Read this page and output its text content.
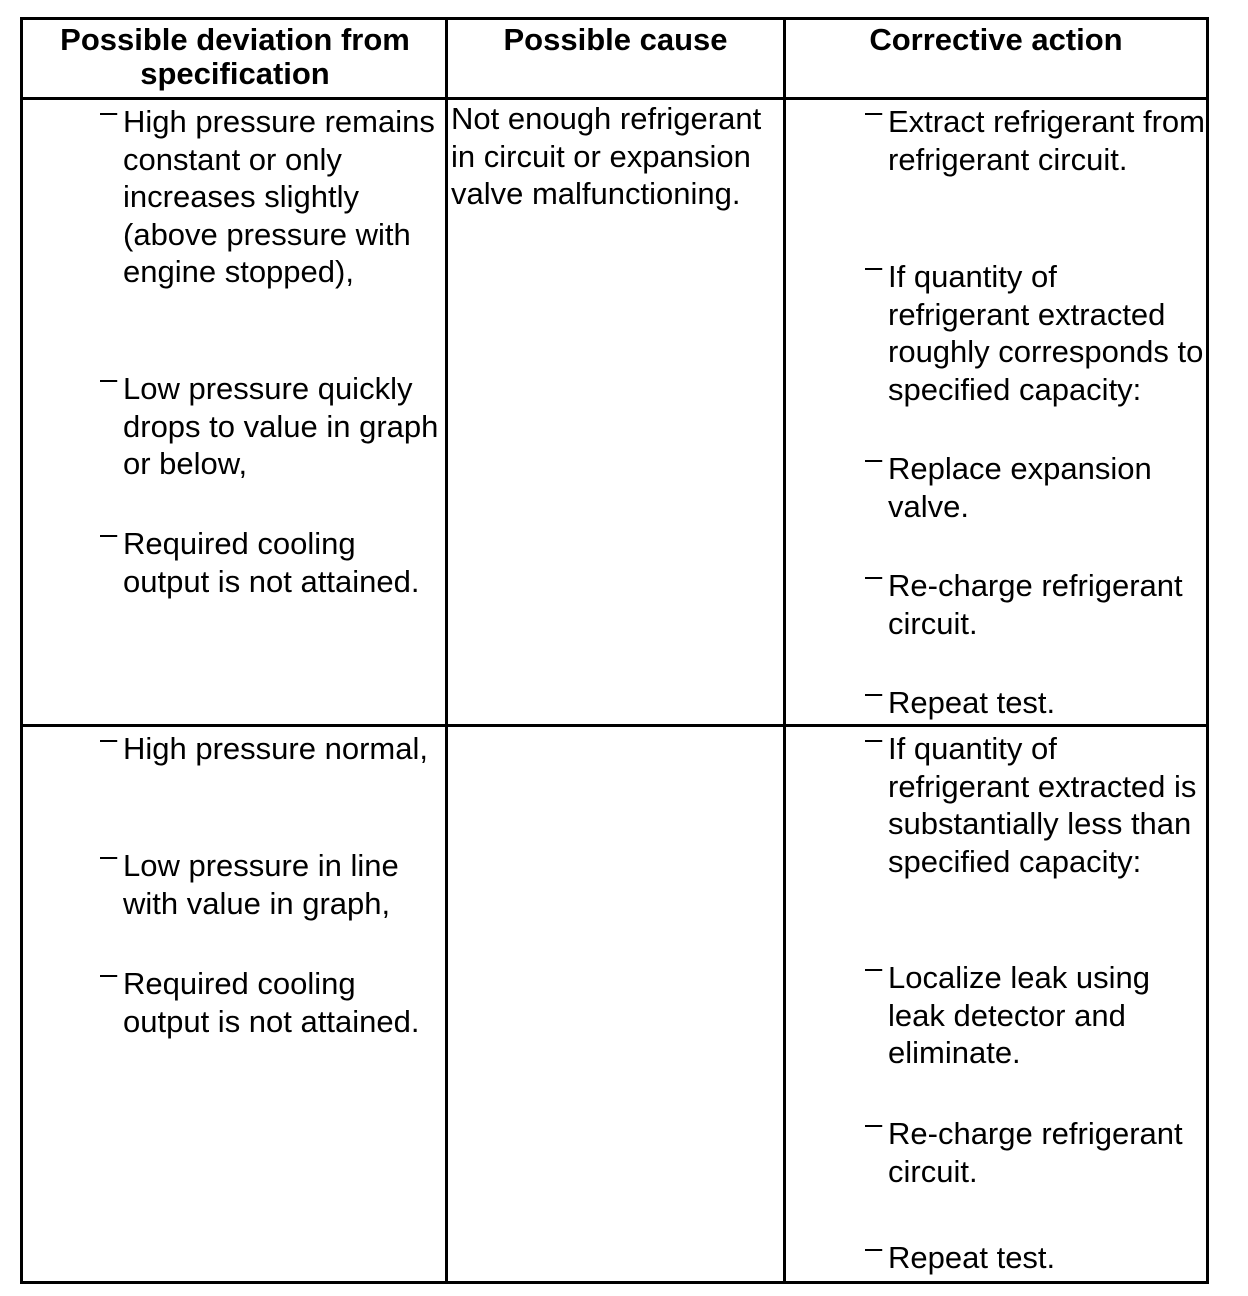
Possible deviation from specification
Possible cause	Corrective action
– High pressure remains constant or only increases slightly (above pressure with engine stopped),
– Low pressure quickly drops to value in graph or below,
– Required cooling output is not attained.
Not enough refrigerant in circuit or expansion valve malfunctioning.
– Extract refrigerant from refrigerant circuit.
– If quantity of refrigerant extracted roughly corresponds to specified capacity:
– Replace expansion valve.
– Re-charge refrigerant circuit.
– Repeat test.
– High pressure normal,
– Low pressure in line with value in graph,
– Required cooling output is not attained.
– If quantity of refrigerant extracted is substantially less than specified capacity:
– Localize leak using leak detector and eliminate.
– Re-charge refrigerant circuit.
– Repeat test.
